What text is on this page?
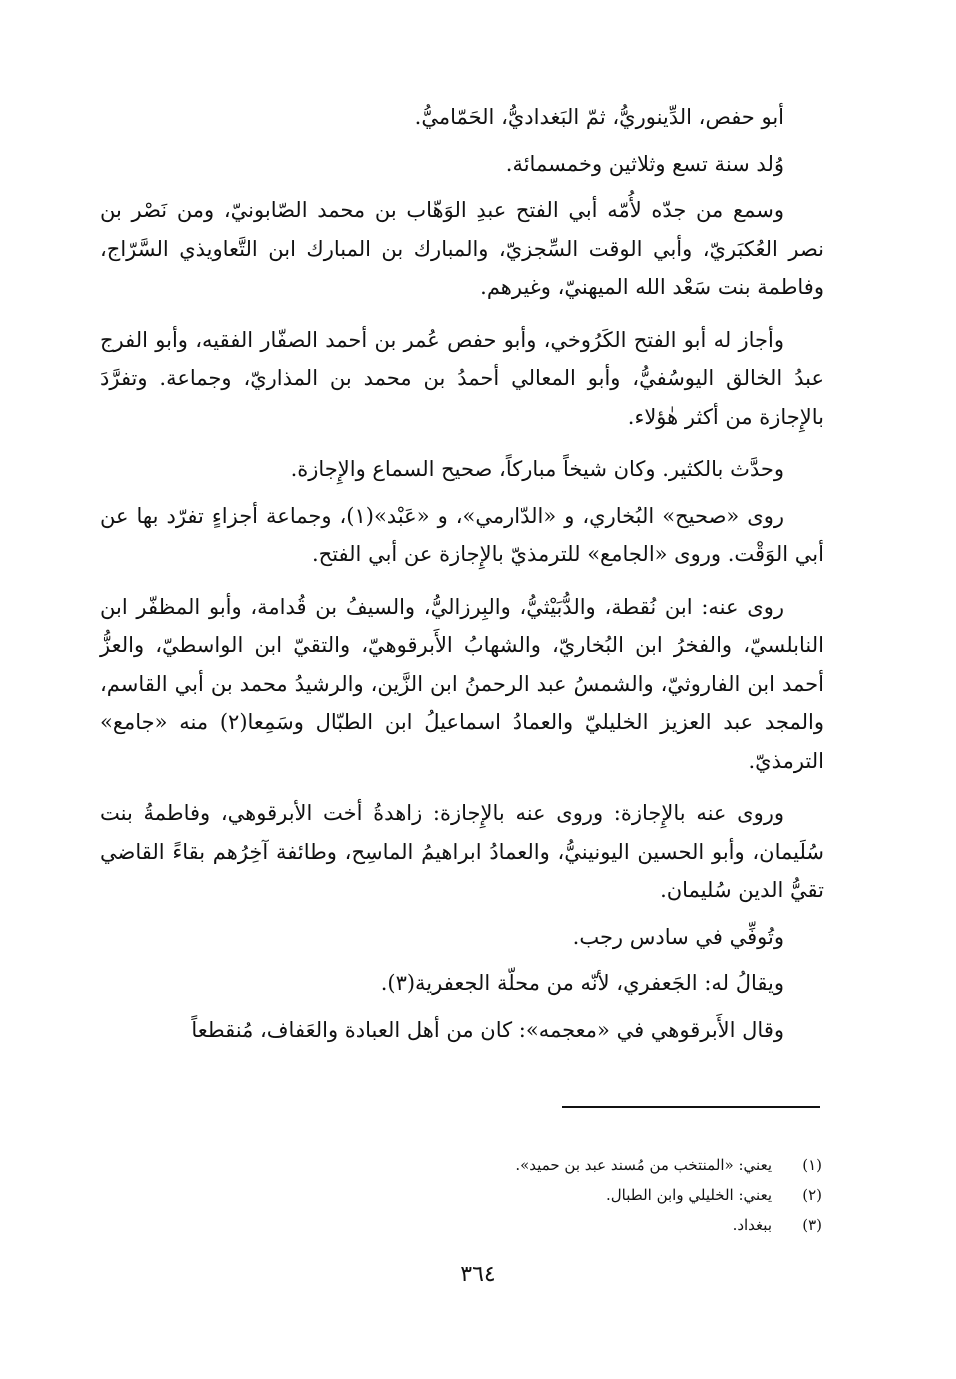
أبو حفص، الدِّينوريُّ، ثمّ البَغداديُّ، الحَمّاميُّ.

وُلد سنة تسع وثلاثين وخمسمائة.

وسمع من جدّه لأُمّه أبي الفتح عبدِ الوَهّاب بن محمد الصّابونيّ، ومن نَصْر بن نصر العُكبَريّ، وأبي الوقت السِّجزيّ، والمبارك بن المبارك ابن التَّعاويذي السَّرّاج، وفاطمة بنت سَعْد الله الميهنيّ، وغيرهم.

وأجاز له أبو الفتح الكَرُوخي، وأبو حفص عُمر بن أحمد الصفّار الفقيه، وأبو الفرج عبدُ الخالق اليوسُفيُّ، وأبو المعالي أحمدُ بن محمد بن المذاريّ، وجماعة. وتفرَّدَ بالإِجازة من أكثر هٰؤلاء.

وحدَّث بالكثير. وكان شيخاً مباركاً، صحيح السماع والإِجازة.

روى «صحيح» البُخاري، و «الدّارمي»، و «عَبْد»(١)، وجماعة أجزاءٍ تفرّد بها عن أبي الوَقْت. وروى «الجامع» للترمذيّ بالإِجازة عن أبي الفتح.

روى عنه: ابن نُقطة، والدُّبَيْثيُّ، والبِرزاليُّ، والسيفُ بن قُدامة، وأبو المظفّر ابن النابلسيّ، والفخرُ ابن البُخاريّ، والشهابُ الأَبرقوهيّ، والتقيّ ابن الواسطيّ، والعزُّ أحمد ابن الفاروثيّ، والشمسُ عبد الرحمنُ ابن الزَّين، والرشيدُ محمد بن أبي القاسم، والمجد عبد العزيز الخليليّ والعمادُ اسماعيلُ ابن الطبّال وسَمِعا(٢) منه «جامع» الترمذيّ.

وروى عنه بالإِجازة: وروى عنه بالإِجازة: زاهدةُ أخت الأبرقوهي، وفاطمةُ بنت سُلَيمان، وأبو الحسين اليونينيُّ، والعمادُ ابراهيمُ الماسِح، وطائفة آخِرُهم بقاءً القاضي تقيُّ الدين سُليمان.

وتُوفِّي في سادس رجب.

ويقالُ له: الجَعفري، لأنّه من محلّة الجعفرية(٣).

وقال الأَبرقوهي في «معجمه»: كان من أهل العبادة والعَفاف، مُنقطعاً

(١)
يعني: «المنتخب من مُسند عبد بن حميد».
(٢)
يعني: الخليلي وابن الطبال.
(٣)
ببغداد.
٣٦٤
